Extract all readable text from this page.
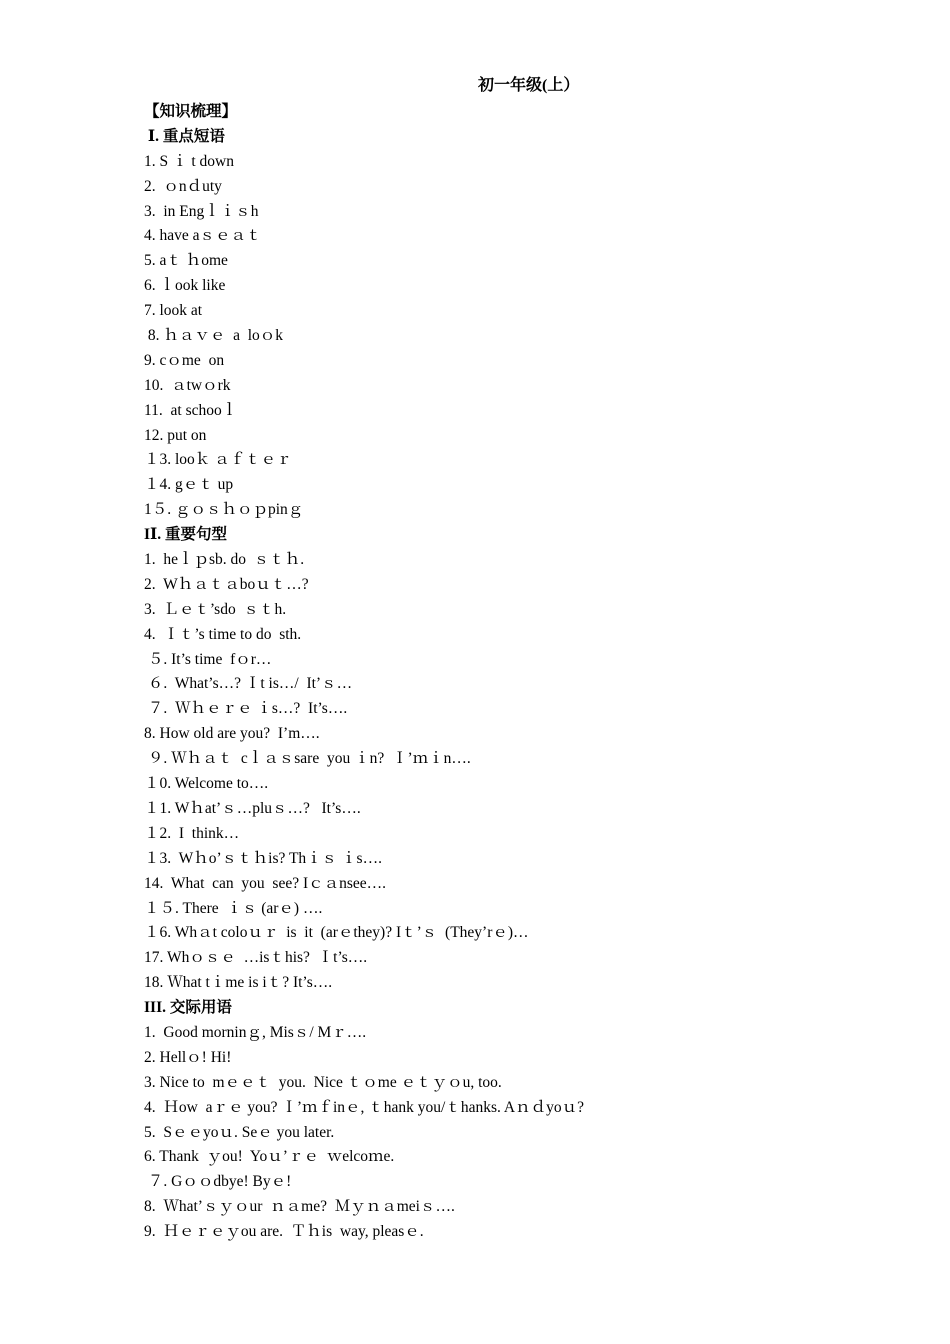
初一年级(上）
【知识梳理】
Ⅰ. 重点短语
1. S ｉ t down
2.  ｏnｄuty
3.  in Engｌｉｓh
4. have aｓｅａｔ
5. aｔ ｈome
6. ｌook like
7. look at
8. ｈａｖｅ  a  loｏk
9. cｏme  on
10.  ａtwｏrk
11.  at schooｌ
12. put on
１3. looｋ ａｆｔｅｒ
１4. gｅｔ up
1５. ｇｏｓｈｏｐpinｇ
IⅠ. 重要句型
1.  heｌｐsb. do  ｓｔｈ.
2.  Wｈａｔａboｕｔ…?
3.  Ｌｅｔ’sdo  ｓｔh.
4.  Ｉｔ’s time to do  sth.
５. It’s time  fｏr…
６.  What’s…? Ｉt is…/  It’ｓ…
７.  Ｗｈｅｒｅ ｉs…?  It’s….
8. How old are you?  I’m….
９. Ｗｈａｔ  cｌａｓsare  you ｉn?  Ｉ’ｍｉn….
１0. Welcome to….
１1. Wｈat’ｓ…pluｓ…?   It’s….
１2.  I  think…
１3.  Wｈo’ｓｔｈis? Thｉｓ ｉs….
14.  What  can  you  see? Iｃａnsee….
１５. There  ｉｓ (arｅ) ….
１6. Whａt coloｕｒ  is  it  (arｅthey)? Iｔ’ｓ  (They’rｅ)…
17. Whｏｓｅ  …isｔhis?  Ｉt’s….
18. Ｗhat tｉme is iｔ? It’s….
III. 交际用语
1.  Good morninｇ, Misｓ/ Mｒ….
2. Hellｏ! Hi!
3. Nice to  mｅｅｔ  you.  Nice ｔｏme ｅｔｙｏu, too.
4.  Ｈow  aｒｅ you? Ｉ’ｍｆinｅ, ｔhank you/ｔhanks. Aｎｄyoｕ?
5.  Sｅｅyoｕ. Seｅ you later.
6. Thank  ｙou!  Yoｕ’ｒｅ  ｗelcoｍe.
７. Gｏｏdbye! Byｅ!
8.  Ｗhat’ｓｙｏur  ｎａme?  Ｍｙｎａmeiｓ….
9.  Ｈｅｒｅｙou are.  Ｔｈis  way, pleasｅ.
